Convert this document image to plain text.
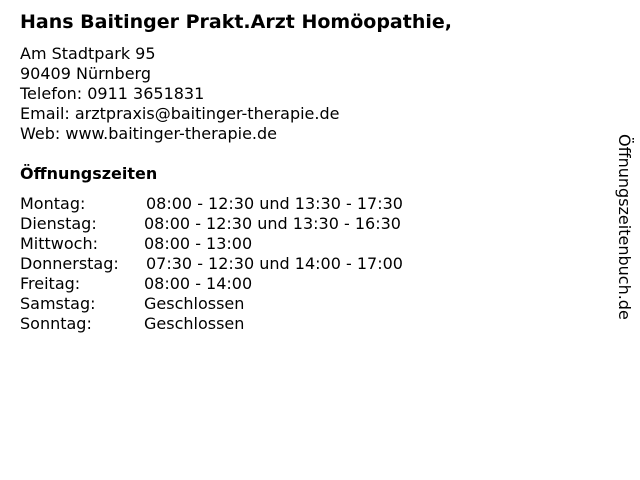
Hans Baitinger Prakt.Arzt Homöopathie,
Am Stadtpark 95
90409 Nürnberg
Telefon: 0911 3651831
Email: arztpraxis@baitinger-therapie.de
Web: www.baitinger-therapie.de
Öffnungszeiten
Montag:	08:00 - 12:30 und 13:30 - 17:30
Dienstag:	08:00 - 12:30 und 13:30 - 16:30
Mittwoch:	08:00 - 13:00
Donnerstag: 07:30 - 12:30 und 14:00 - 17:00
Freitag:	08:00 - 14:00
Samstag:	Geschlossen
Sonntag:	Geschlossen
Öffnungszeitenbuch.de
